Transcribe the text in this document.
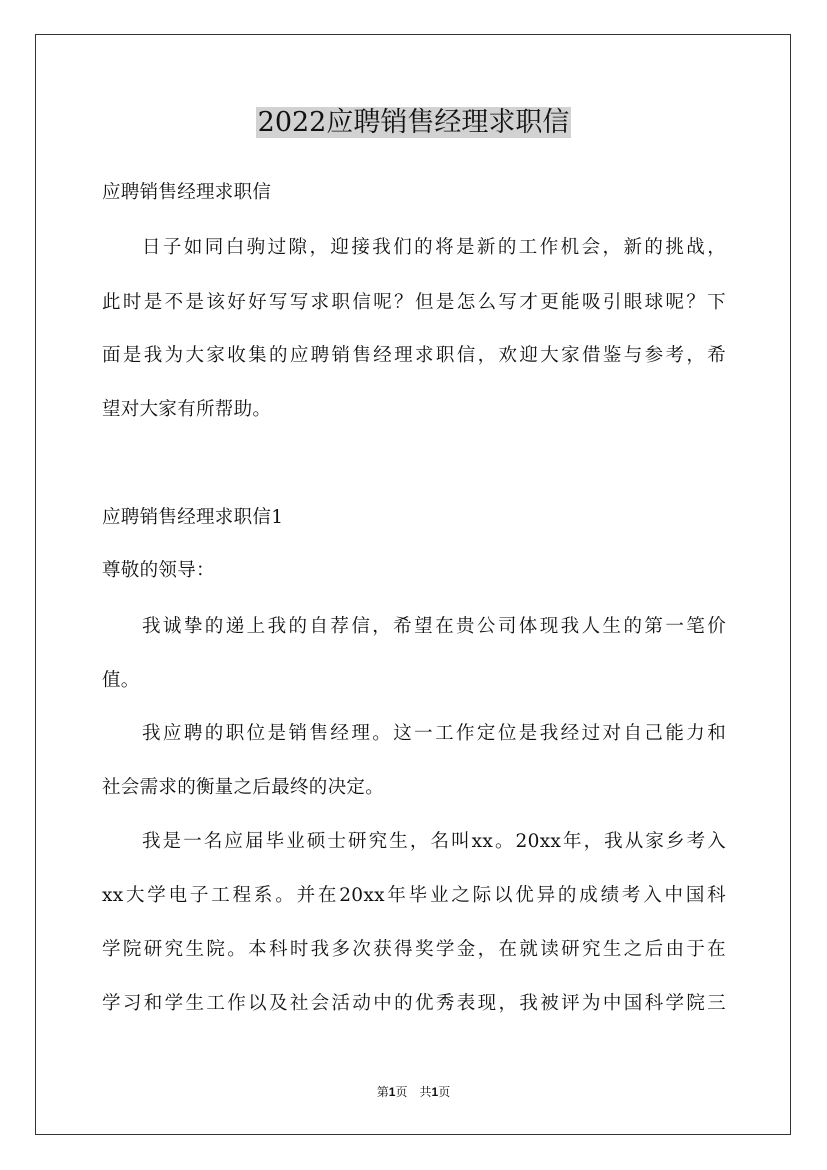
2022应聘销售经理求职信
应聘销售经理求职信
日子如同白驹过隙，迎接我们的将是新的工作机会，新的挑战，
此时是不是该好好写写求职信呢？但是怎么写才更能吸引眼球呢？下
面是我为大家收集的应聘销售经理求职信，欢迎大家借鉴与参考，希
望对大家有所帮助。
应聘销售经理求职信1
尊敬的领导：
我诚挚的递上我的自荐信，希望在贵公司体现我人生的第一笔价
值。
我应聘的职位是销售经理。这一工作定位是我经过对自己能力和
社会需求的衡量之后最终的决定。
我是一名应届毕业硕士研究生，名叫xx。20xx年，我从家乡考入
xx大学电子工程系。并在20xx年毕业之际以优异的成绩考入中国科
学院研究生院。本科时我多次获得奖学金，在就读研究生之后由于在
学习和学生工作以及社会活动中的优秀表现，我被评为中国科学院三
第1页　共1页
